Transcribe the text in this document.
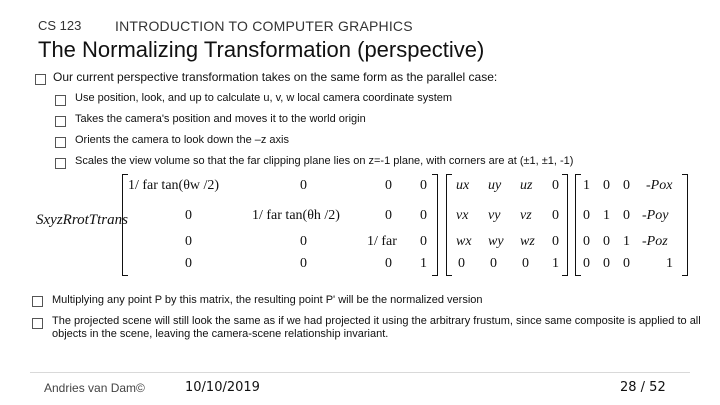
CS 123 INTRODUCTION TO COMPUTER GRAPHICS
The Normalizing Transformation (perspective)
Our current perspective transformation takes on the same form as the parallel case:
Use position, look, and up to calculate u, v, w local camera coordinate system
Takes the camera's position and moves it to the world origin
Orients the camera to look down the –z axis
Scales the view volume so that the far clipping plane lies on z=-1 plane, with corners are at (±1, ±1, -1)
SxyzRrotTtrans
1/ far tan(θw /2)	0	0 0
0	1/ far tan(θh /2)	0 0
0	0	1/ far 0
0	0	0 1
ux uy uz 0
vx vy vz 0
wx wy wz 0
0 0 0 1
1 0 0 -Pox
0 1 0 -Poy
0 0 1 -Poz
0 0 0	1
Multiplying any point P by this matrix, the resulting point P' will be the normalized version
The projected scene will still look the same as if we had projected it using the arbitrary frustum, since same composite is applied to all objects in the scene, leaving the camera-scene relationship invariant.
Andries van Dam©	10/10/2019	28 / 52
